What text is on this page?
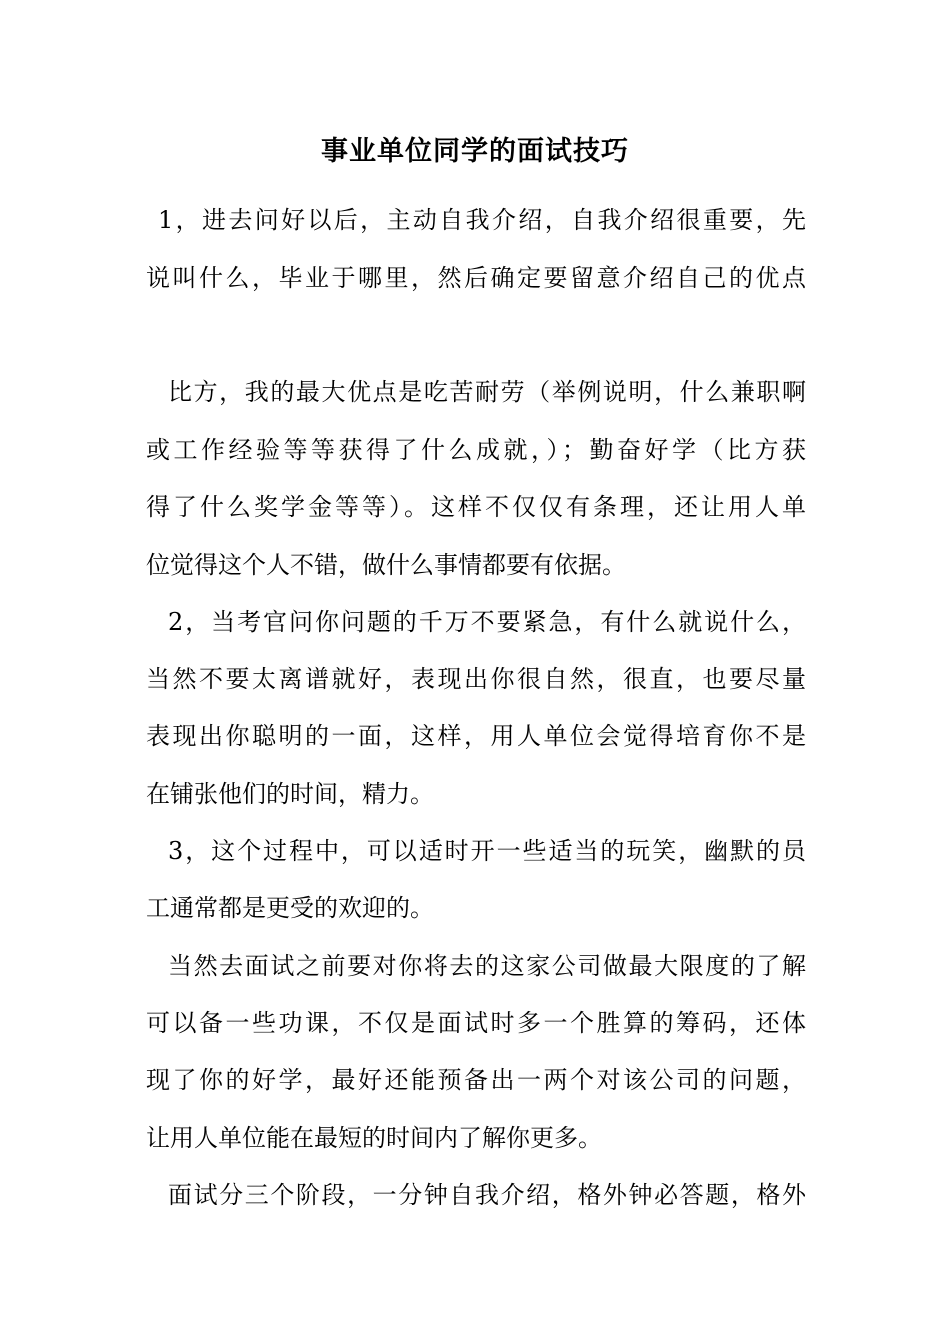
事业单位同学的面试技巧
1，进去问好以后，主动自我介绍，自我介绍很重要，先
说叫什么，毕业于哪里，然后确定要留意介绍自己的优点
比方，我的最大优点是吃苦耐劳（举例说明，什么兼职啊
或工作经验等等获得了什么成就，）；勤奋好学（比方获
得了什么奖学金等等）。这样不仅仅有条理，还让用人单
位觉得这个人不错，做什么事情都要有依据。
2，当考官问你问题的千万不要紧急，有什么就说什么，
当然不要太离谱就好，表现出你很自然，很直，也要尽量
表现出你聪明的一面，这样，用人单位会觉得培育你不是
在铺张他们的时间，精力。
3，这个过程中，可以适时开一些适当的玩笑，幽默的员
工通常都是更受的欢迎的。
当然去面试之前要对你将去的这家公司做最大限度的了解
可以备一些功课，不仅是面试时多一个胜算的筹码，还体
现了你的好学，最好还能预备出一两个对该公司的问题，
让用人单位能在最短的时间内了解你更多。
面试分三个阶段，一分钟自我介绍，格外钟必答题，格外
